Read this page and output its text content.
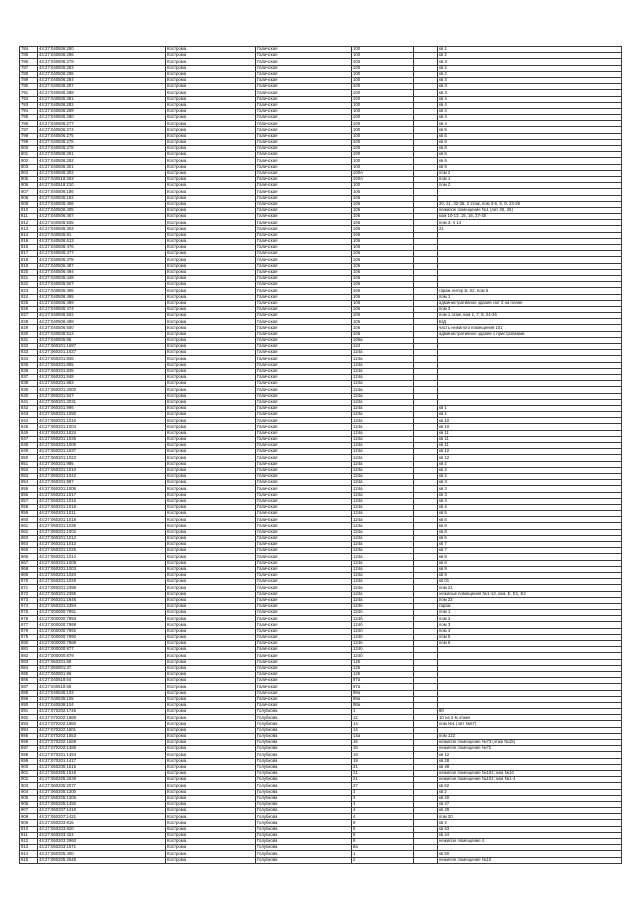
784	44:27:040506:280	Кострома	Галичская	100		кв 1
785	44:27:040506:286	Кострома	Галичская	100		кв 2
786	44:27:040506:279	Кострома	Галичская	100		кв 3
787	44:27:040506:283	Кострома	Галичская	100		кв 2
788	44:27:040506:285	Кострома	Галичская	100		кв 2
789	44:27:040506:284	Кострома	Галичская	100		кв 3
790	44:27:040506:287	Кострома	Галичская	100		кв 3
791	44:27:040506:288	Кострома	Галичская	100		кв 3
792	44:27:040506:281	Кострома	Галичская	100		кв 4
793	44:27:040506:282	Кострома	Галичская	100		кв 4
794	44:27:040506:289	Кострома	Галичская	100		кв 4
795	44:27:040506:290	Кострома	Галичская	100		кв 4
796	44:27:040506:277	Кострома	Галичская	100		кв 4
797	44:27:040506:274	Кострома	Галичская	100		кв 5
798	44:27:040506:275	Кострома	Галичская	100		кв 5
799	44:27:040506:276	Кострома	Галичская	100		кв 5
800	44:27:040506:278	Кострома	Галичская	100		кв 6
801	44:27:040506:291	Кострома	Галичская	100		кв 6
802	44:27:040506:292	Кострома	Галичская	100		кв 6
803	44:27:040506:301	Кострома	Галичская	100		кв 6
804	44:27:040506:302	Кострома	Галичская	100А		пом 2
805	44:27:040519:263	Кострома	Галичская	100А		пом 1
806	44:27:040519:210	Кострома	Галичская	100		пом 2
807	44:27:040506:186	Кострома	Галичская	106		
808	44:27:040506:182	Кострома	Галичская	106		
809	44:27:040506:406	Кострома	Галичская	106		20, 21, 32-35, 2 этаж, пом 3-6, 8, 9, 23-26
810	44:27:040506:405	Кострома	Галичская	106		нежилое помещение №1 (лит 25, 26)
811	44:27:040506:407	Кострома	Галичская	106		ком 10-13, 15, 16, 27-30
812	44:27:040506:605	Кострома	Галичская	106		пом 3, 4 14
813	44:27:040506:304	Кострома	Галичская	106		21
814	44:27:040506:81	Кострома	Галичская	106		
815	44:27:040506:613	Кострома	Галичская	106		
816	44:27:040506:476	Кострома	Галичская	106		
817	44:27:040506:477	Кострома	Галичская	106		
818	44:27:040506:478	Кострома	Галичская	106		
819	44:27:040506:487	Кострома	Галичская	106		
820	44:27:040506:494	Кострома	Галичская	106		
821	44:27:040506:448	Кострома	Галичская	106		
822	44:27:040506:507	Кострома	Галичская	106		
823	44:27:040506:496	Кострома	Галичская	106		гараж литер Б, 02, пом 5
824	44:27:040506:495	Кострома	Галичская	106		пом 1
825	44:27:040506:499	Кострома	Галичская	106		административное здание лит 3 на плане
826	44:27:040506:474	Кострома	Галичская	106		пом 3
827	44:27:040506:502	Кострома	Галичская	106		пом 1 этаж, ком 1, 7, 9, 24-26
828	44:27:040506:498	Кострома	Галичская	106		Б/Д
829	44:27:040506:500	Кострома	Галичская	106		часть нежилого помещения 101
830	44:27:040506:513	Кострома	Галичская	106		административное здание с пристройками
831	44:27:040506:86	Кострома	Галичская	106а		
832	44:27:060201:1697	Кострома	Галичская	124		
833	44:27:060201:1027	Кострома	Галичская	124а		
834	44:27:060201:846	Кострома	Галичская	124а		
835	44:27:060201:855	Кострома	Галичская	124а		
836	44:27:060201:845	Кострома	Галичская	124а		
837	44:27:060201:848	Кострома	Галичская	124а		
838	44:27:060201:883	Кострома	Галичская	124а		
839	44:27:060201:2000	Кострома	Галичская	124а		
840	44:27:060201:847	Кострома	Галичская	124а		
841	44:27:060201:2031	Кострома	Галичская	124а		
842	44:27:060201:996	Кострома	Галичская	124а		кв 1
843	44:27:060201:1050	Кострома	Галичская	124а		кв 1
844	44:27:060201:1016	Кострома	Галичская	124а		кв 10
845	44:27:060201:1004	Кострома	Галичская	124а		кв 10
846	44:27:060201:1024	Кострома	Галичская	124а		кв 11
847	44:27:060201:1035	Кострома	Галичская	124а		кв 11
848	44:27:060201:1005	Кострома	Галичская	124а		кв 11
849	44:27:060201:1037	Кострома	Галичская	124а		кв 12
850	44:27:060201:1023	Кострома	Галичская	124а		кв 12
851	44:27:060201:995	Кострома	Галичская	124а		кв 2
852	44:27:060201:1010	Кострома	Галичская	124а		кв 2
853	44:27:060201:1042	Кострома	Галичская	124а		кв 2
854	44:27:060201:997	Кострома	Галичская	124а		кв 3
855	44:27:060201:1006	Кострома	Галичская	124а		кв 3
856	44:27:060201:1017	Кострома	Галичская	124а		кв 3
857	44:27:060201:1015	Кострома	Галичская	124а		кв 4
858	44:27:060201:1018	Кострома	Галичская	124а		кв 4
859	44:27:060201:1011	Кострома	Галичская	124а		кв 5
860	44:27:060201:1019	Кострома	Галичская	124а		кв 5
861	44:27:060201:1036	Кострома	Галичская	124а		кв 6
862	44:27:060201:1002	Кострома	Галичская	124а		кв 6
863	44:27:060201:1012	Кострома	Галичская	124а		кв 6
864	44:27:060201:1013	Кострома	Галичская	124а		кв 7
865	44:27:060201:1025	Кострома	Галичская	124а		кв 7
866	44:27:060201:1014	Кострома	Галичская	124а		кв 8
867	44:27:060201:1009	Кострома	Галичская	124а		кв 8
868	44:27:060201:1003	Кострома	Галичская	124а		кв 9
869	44:27:060201:1020	Кострома	Галичская	124а		кв 9
870	44:27:060201:1029	Кострома	Галичская	124а		кв 01
871	44:27:060201:2398	Кострома	Галичская	124а		пом 21
872	44:27:060201:2395	Кострома	Галичская	124а		нежилые помещения №1-13, ком. Е, Е1, Е2
873	44:27:060201:1848	Кострома	Галичская	124а		пом 22
874	44:27:060201:2394	Кострома	Галичская	124б		гараж
875	44:27:000000:7991	Кострома	Галичская	124б		пом 1
876	44:27:000000:7993	Кострома	Галичская	124б		пом 2
877	44:27:000000:7989	Кострома	Галичская	124б		пом 3
878	44:27:000000:7992	Кострома	Галичская	124б		пом 4
879	44:27:000000:7990	Кострома	Галичская	124б		пом 5
880	44:27:000000:7988	Кострома	Галичская	124б		пом 6
881	44:27:000000:877	Кострома	Галичская	124б		
882	44:27:000000:879	Кострома	Галичская	124б		
883	44:27:060201:68	Кострома	Галичская	126		
884	44:27:060801:37	Кострома	Галичская	126		
885	44:27:060801:86	Кострома	Галичская	126		
886	44:27:040518:64	Кострома	Галичская	97а		
887	44:27:040518:65	Кострома	Галичская	97а		
888	44:27:040536:103	Кострома	Галичская	99а		
889	44:27:040536:105	Кострома	Галичская	99а		
890	44:27:040536:104	Кострома	Галичская	99а		
891	44:27:070202:1746	Кострома	Голубкова	1		80
892	44:27:070202:1969	Кострома	Голубкова	12		10 на 2-м этаже
893	44:27:070202:1960	Кострома	Голубкова	14		пом №1 (лит №67)
894	44:27:070202:1501	Кострома	Голубкова	14		
895	44:27:070202:1553	Кострома	Голубкова	14а		пом 122
896	44:27:070202:1569	Кострома	Голубкова	16		нежилое помещение №73 (этаж №15)
897	44:27:070202:1489	Кострома	Голубкова	16		нежилое помещение №72
898	44:27:070201:1494	Кострома	Голубкова	19		кв 12
899	44:27:070201:1417	Кострома	Голубкова	19		кв 28
900	44:27:060205:1515	Кострома	Голубкова	21		кв 48
901	44:27:060205:1519	Кострома	Голубкова	21		нежилое помещение №102; ком №10
902	44:27:060205:2039	Кострома	Голубкова	21		нежилое помещение №102; ком №1-4
903	44:27:060205:2077	Кострома	Голубкова	27		кв 62
904	44:27:060205:1300	Кострома	Голубкова	3		кв 2
905	44:27:060205:1306	Кострома	Голубкова	3		кв 20
906	44:27:060205:1450	Кострома	Голубкова	4		кв 27
907	44:27:060207:1419	Кострома	Голубкова	4		кв 28
908	44:27:060207:1421	Кострома	Голубкова	4		пом 20
909	44:27:060203:815	Кострома	Голубкова	8		кв 2
910	44:27:060203:820	Кострома	Голубкова	8		кв 63
911	44:27:060203:424	Кострома	Голубкова	8		кв 44
912	44:27:060203:2960	Кострома	Голубкова	8		нежилое помещение 4
913	44:27:060203:1571	Кострома	Голубкова	8а		
914	44:27:060205:400	Кострома	Голубкова	1		кв 60
915	44:27:060205:2549	Кострома	Голубкова	2		нежилое помещение №10
